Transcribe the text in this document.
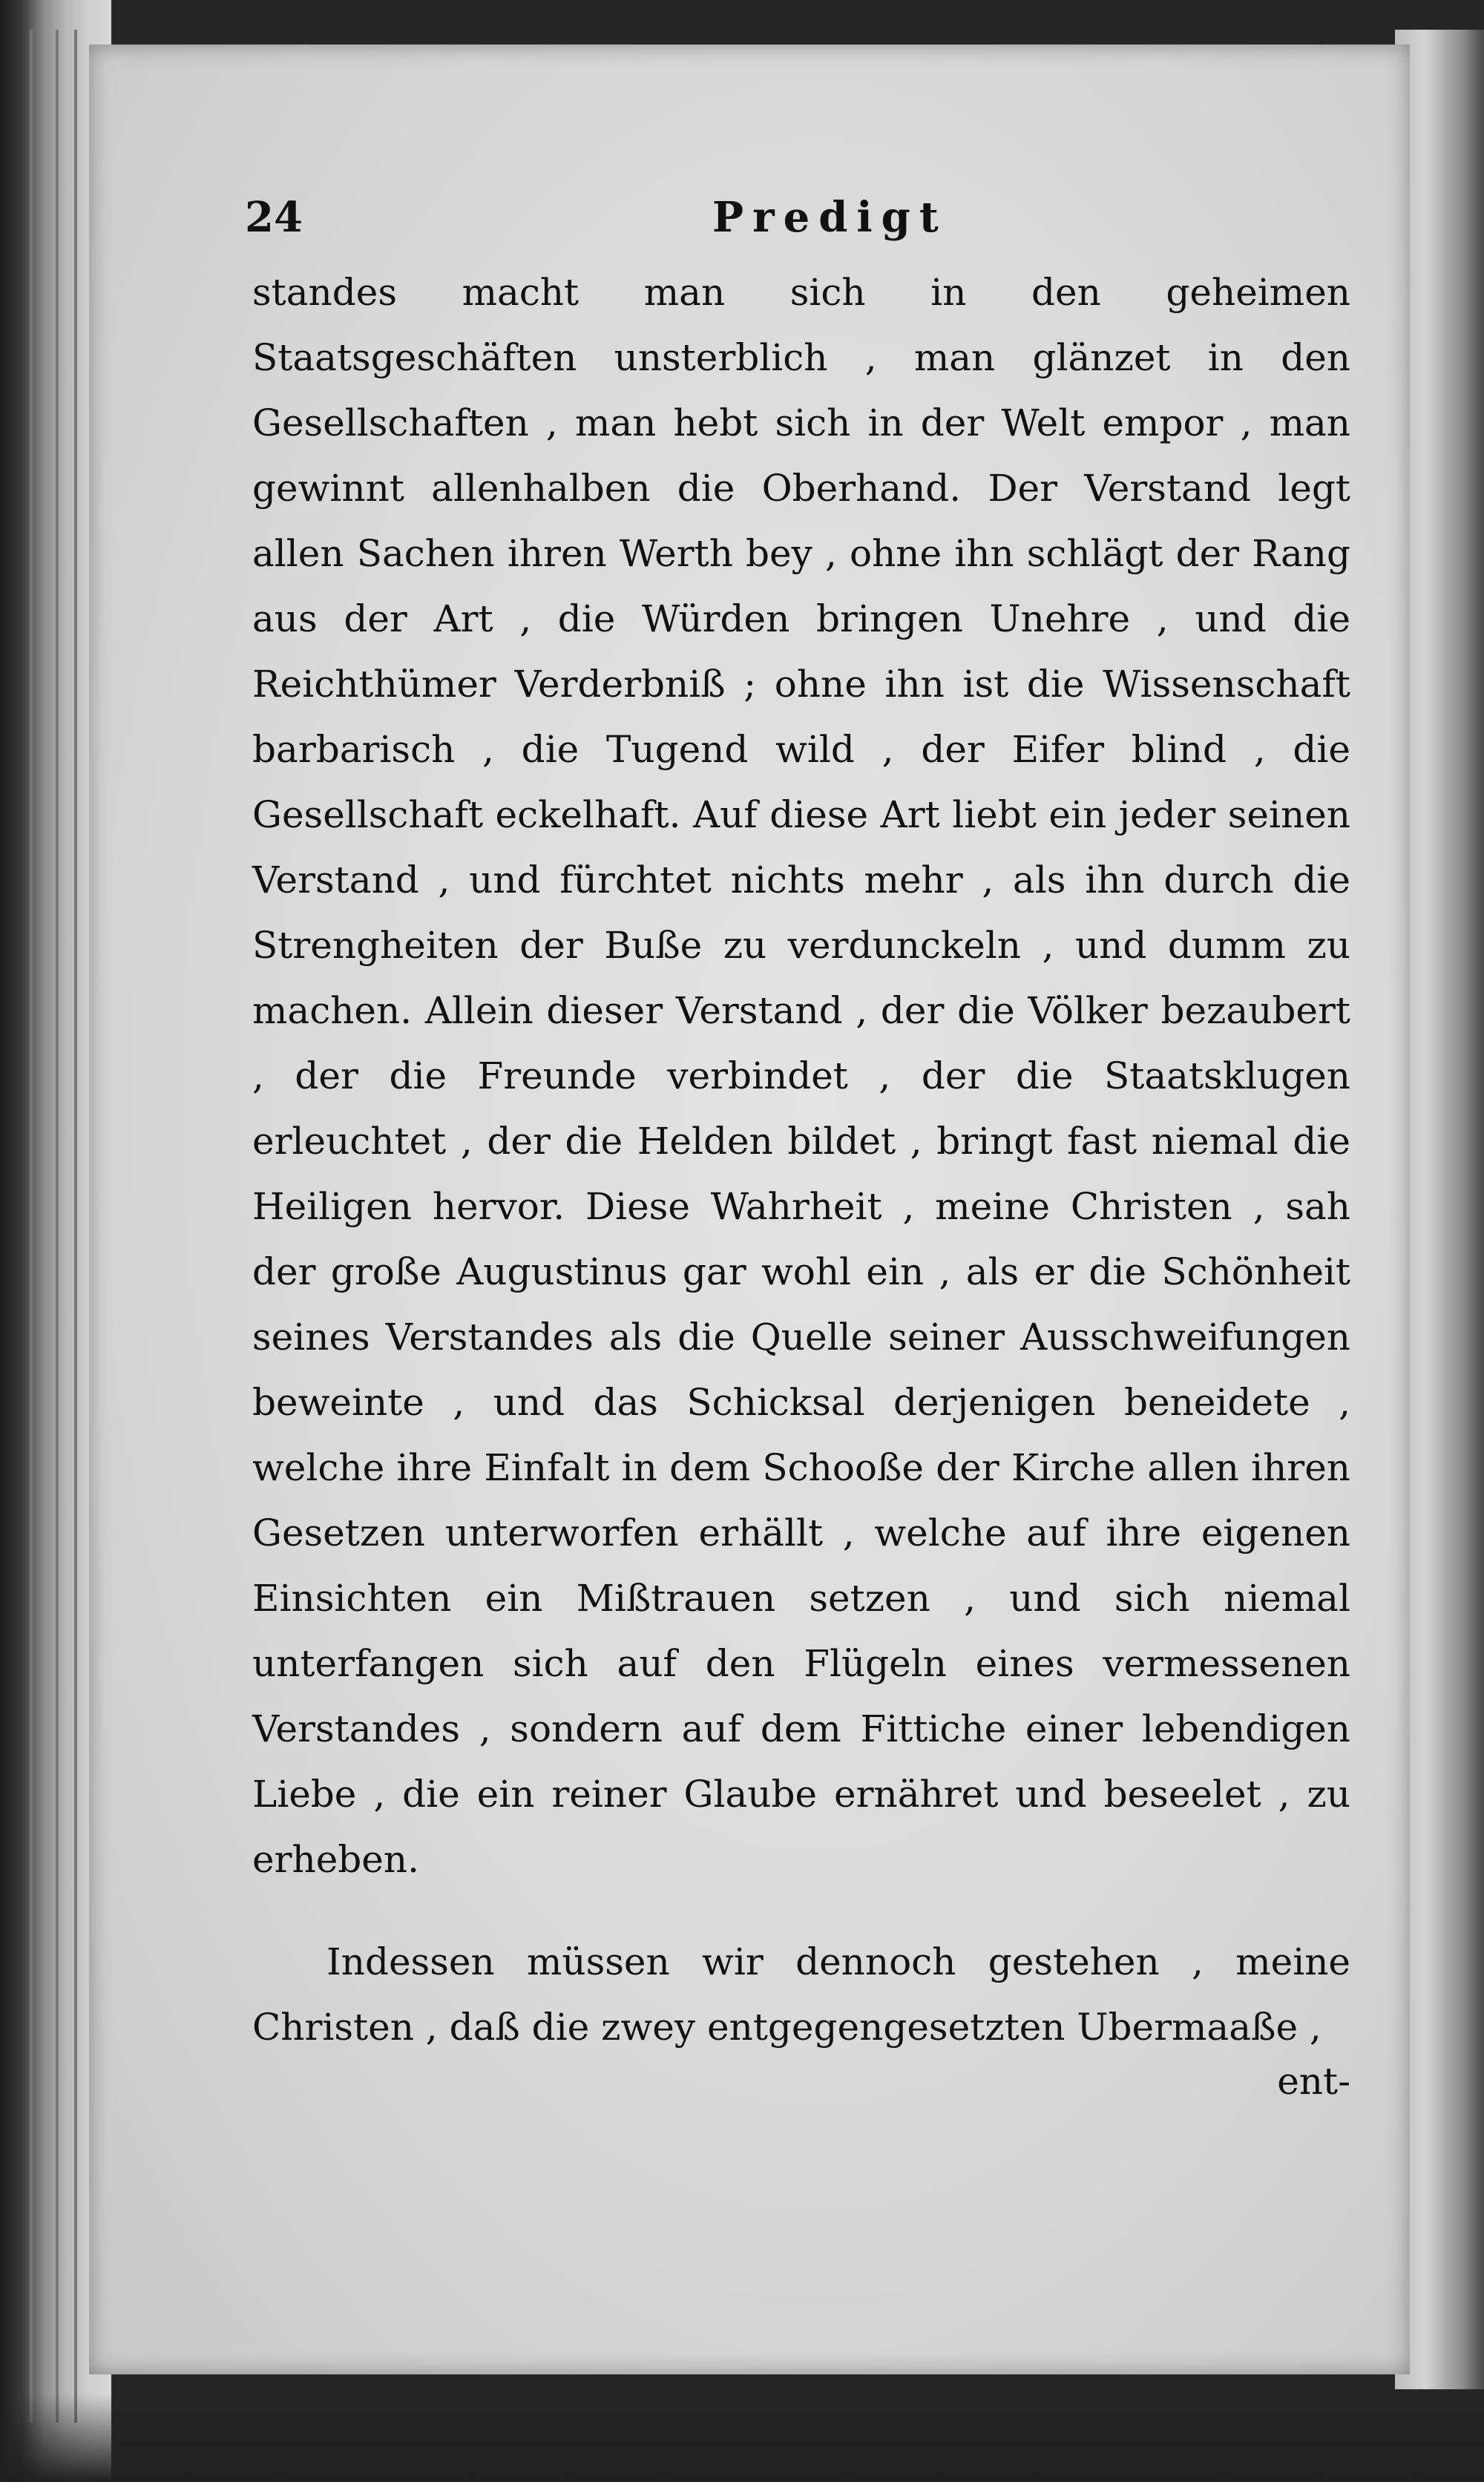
24	Predigt

standes macht man sich in den geheimen Staatsgeschäften unsterblich , man glänzet in den Gesellschaften , man hebt sich in der Welt empor , man gewinnt allenhalben die Oberhand. Der Verstand legt allen Sachen ihren Werth bey , ohne ihn schlägt der Rang aus der Art , die Würden bringen Unehre , und die Reichthümer Verderbniß ; ohne ihn ist die Wissenschaft barbarisch , die Tugend wild , der Eifer blind , die Gesellschaft eckelhaft. Auf diese Art liebt ein jeder seinen Verstand , und fürchtet nichts mehr , als ihn durch die Strengheiten der Buße zu verdunckeln , und dumm zu machen. Allein dieser Verstand , der die Völker bezaubert , der die Freunde verbindet , der die Staatsklugen erleuchtet , der die Helden bildet , bringt fast niemal die Heiligen hervor. Diese Wahrheit , meine Christen , sah der große Augustinus gar wohl ein , als er die Schönheit seines Verstandes als die Quelle seiner Ausschweifungen beweinte , und das Schicksal derjenigen beneidete , welche ihre Einfalt in dem Schooße der Kirche allen ihren Gesetzen unterworfen erhällt , welche auf ihre eigenen Einsichten ein Mißtrauen setzen , und sich niemal unterfangen sich auf den Flügeln eines vermessenen Verstandes , sondern auf dem Fittiche einer lebendigen Liebe , die ein reiner Glaube ernähret und beseelet , zu erheben.

Indessen müssen wir dennoch gestehen , meine Christen , daß die zwey entgegengesetzten Ubermaaße ,

ent-
